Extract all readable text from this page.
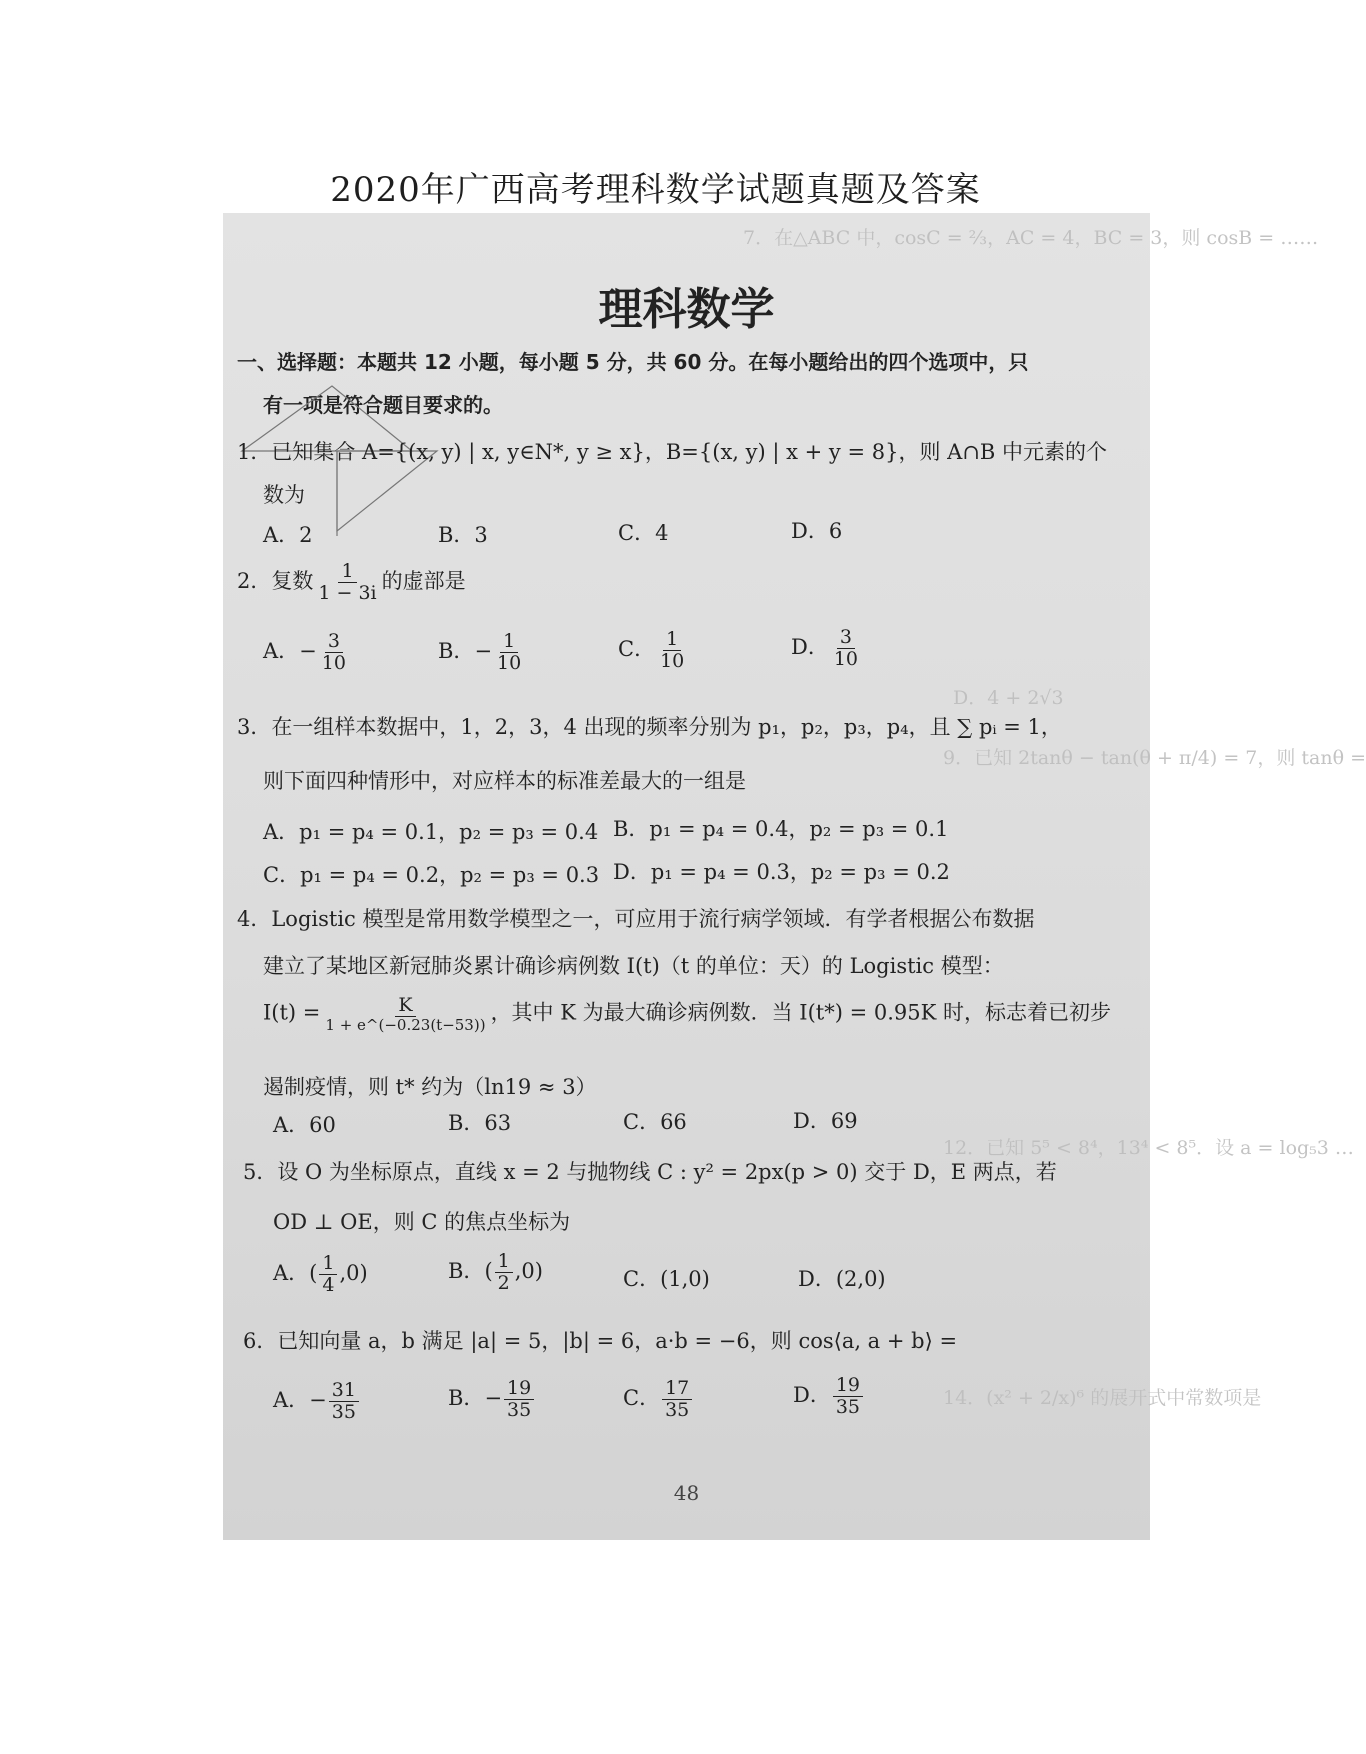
2020年广西高考理科数学试题真题及答案
7．在△ABC 中，cosC = ⅔，AC = 4，BC = 3，则 cosB = ……
D．4 + 2√3
9．已知 2tanθ − tan(θ + π/4) = 7，则 tanθ =
12．已知 5⁵ < 8⁴，13⁴ < 8⁵．设 a = log₅3 …
14．(x² + 2/x)⁶ 的展开式中常数项是
理科数学
一、选择题：本题共 12 小题，每小题 5 分，共 60 分。在每小题给出的四个选项中，只
有一项是符合题目要求的。
1．已知集合 A={(x, y) | x, y∈N*, y ≥ x}，B={(x, y) | x + y = 8}，则 A∩B 中元素的个
数为
A．2	B．3	C．4	D．6
2．复数 $\frac{1}{1 - 3i}$ 的虚部是
A．− $\frac{3}{10}$	B．− $\frac{1}{10}$	C． $\frac{1}{10}$	D． $\frac{3}{10}$
3．在一组样本数据中，1，2，3，4 出现的频率分别为 p₁，p₂，p₃，p₄，且 ∑ pᵢ = 1，
则下面四种情形中，对应样本的标准差最大的一组是
A．p₁ = p₄ = 0.1，p₂ = p₃ = 0.4 B．p₁ = p₄ = 0.4，p₂ = p₃ = 0.1
C．p₁ = p₄ = 0.2，p₂ = p₃ = 0.3 D．p₁ = p₄ = 0.3，p₂ = p₃ = 0.2
4．Logistic 模型是常用数学模型之一，可应用于流行病学领域．有学者根据公布数据
建立了某地区新冠肺炎累计确诊病例数 I(t)（t 的单位：天）的 Logistic 模型：
$I(t) = \frac{K}{1 + e\^{}(-0.23(t-53))}$ ，其中 K 为最大确诊病例数．当 I(t*) = 0.95K 时，标志着已初步
遏制疫情，则 t* 约为（ln19 ≈ 3）
A．60	B．63	C．66	D．69
5．设 O 为坐标原点，直线 x = 2 与抛物线 C : y² = 2px(p > 0) 交于 D，E 两点，若
OD ⊥ OE，则 C 的焦点坐标为
A．( $\frac{1}{4} ,0$)	B．( $\frac{1}{2} ,0$)	C．(1,0)	D．(2,0)
6．已知向量 a，b 满足 |a| = 5，|b| = 6，a·b = −6，则 cos⟨a, a + b⟩ =
A．− $\frac{31}{35}$	B．− $\frac{19}{35}$	C． $\frac{17}{35}$	D． $\frac{19}{35}$
48
